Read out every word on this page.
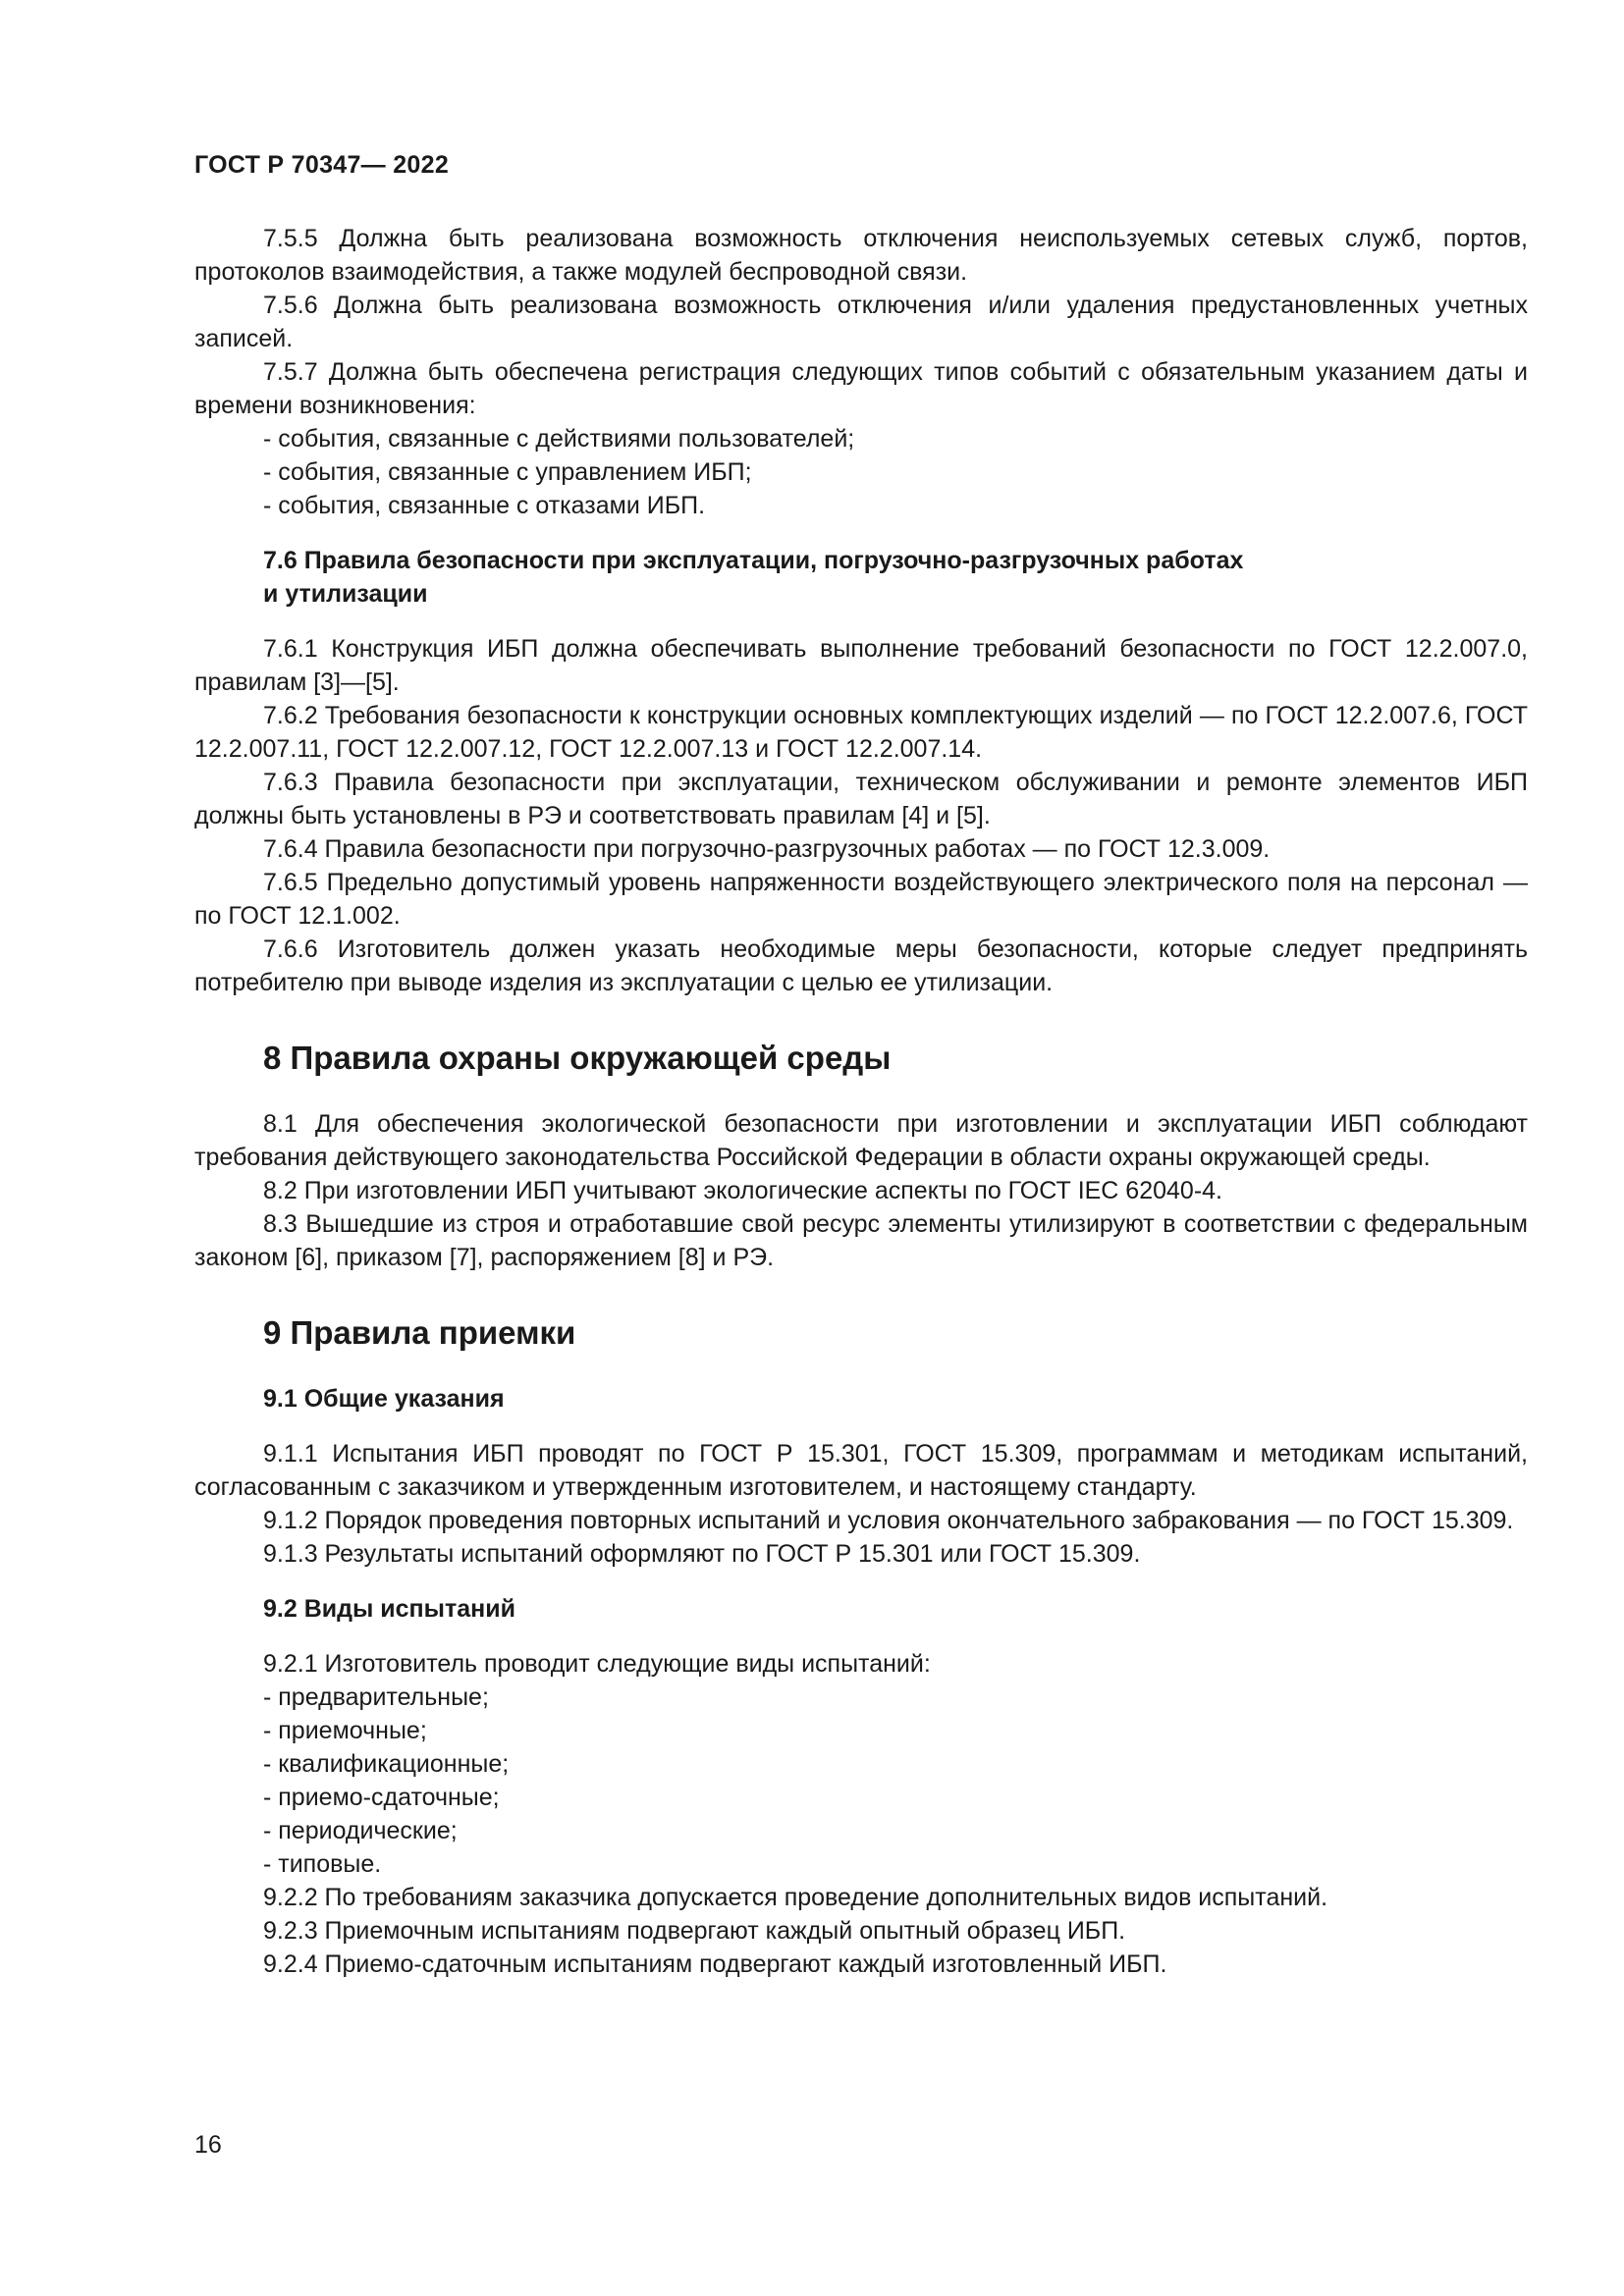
ГОСТ Р 70347— 2022

7.5.5 Должна быть реализована возможность отключения неиспользуемых сетевых служб, портов, протоколов взаимодействия, а также модулей беспроводной связи.

7.5.6 Должна быть реализована возможность отключения и/или удаления предустановленных учетных записей.

7.5.7 Должна быть обеспечена регистрация следующих типов событий с обязательным указанием даты и времени возникновения:

- события, связанные с действиями пользователей;

- события, связанные с управлением ИБП;

- события, связанные с отказами ИБП.

7.6 Правила безопасности при эксплуатации, погрузочно-разгрузочных работах

и утилизации

7.6.1 Конструкция ИБП должна обеспечивать выполнение требований безопасности по ГОСТ 12.2.007.0, правилам [3]—[5].

7.6.2 Требования безопасности к конструкции основных комплектующих изделий — по ГОСТ 12.2.007.6, ГОСТ 12.2.007.11, ГОСТ 12.2.007.12, ГОСТ 12.2.007.13 и ГОСТ 12.2.007.14.

7.6.3 Правила безопасности при эксплуатации, техническом обслуживании и ремонте элементов ИБП должны быть установлены в РЭ и соответствовать правилам [4] и [5].

7.6.4 Правила безопасности при погрузочно-разгрузочных работах — по ГОСТ 12.3.009.

7.6.5 Предельно допустимый уровень напряженности воздействующего электрического поля на персонал — по ГОСТ 12.1.002.

7.6.6 Изготовитель должен указать необходимые меры безопасности, которые следует предпринять потребителю при выводе изделия из эксплуатации с целью ее утилизации.

8 Правила охраны окружающей среды

8.1 Для обеспечения экологической безопасности при изготовлении и эксплуатации ИБП соблюдают требования действующего законодательства Российской Федерации в области охраны окружающей среды.

8.2 При изготовлении ИБП учитывают экологические аспекты по ГОСТ IEC 62040-4.

8.3 Вышедшие из строя и отработавшие свой ресурс элементы утилизируют в соответствии с федеральным законом [6], приказом [7], распоряжением [8] и РЭ.

9 Правила приемки

9.1 Общие указания

9.1.1 Испытания ИБП проводят по ГОСТ Р 15.301, ГОСТ 15.309, программам и методикам испытаний, согласованным с заказчиком и утвержденным изготовителем, и настоящему стандарту.

9.1.2 Порядок проведения повторных испытаний и условия окончательного забракования — по ГОСТ 15.309.

9.1.3 Результаты испытаний оформляют по ГОСТ Р 15.301 или ГОСТ 15.309.

9.2 Виды испытаний

9.2.1 Изготовитель проводит следующие виды испытаний:

- предварительные;

- приемочные;

- квалификационные;

- приемо-сдаточные;

- периодические;

- типовые.

9.2.2 По требованиям заказчика допускается проведение дополнительных видов испытаний.

9.2.3 Приемочным испытаниям подвергают каждый опытный образец ИБП.

9.2.4 Приемо-сдаточным испытаниям подвергают каждый изготовленный ИБП.

16
